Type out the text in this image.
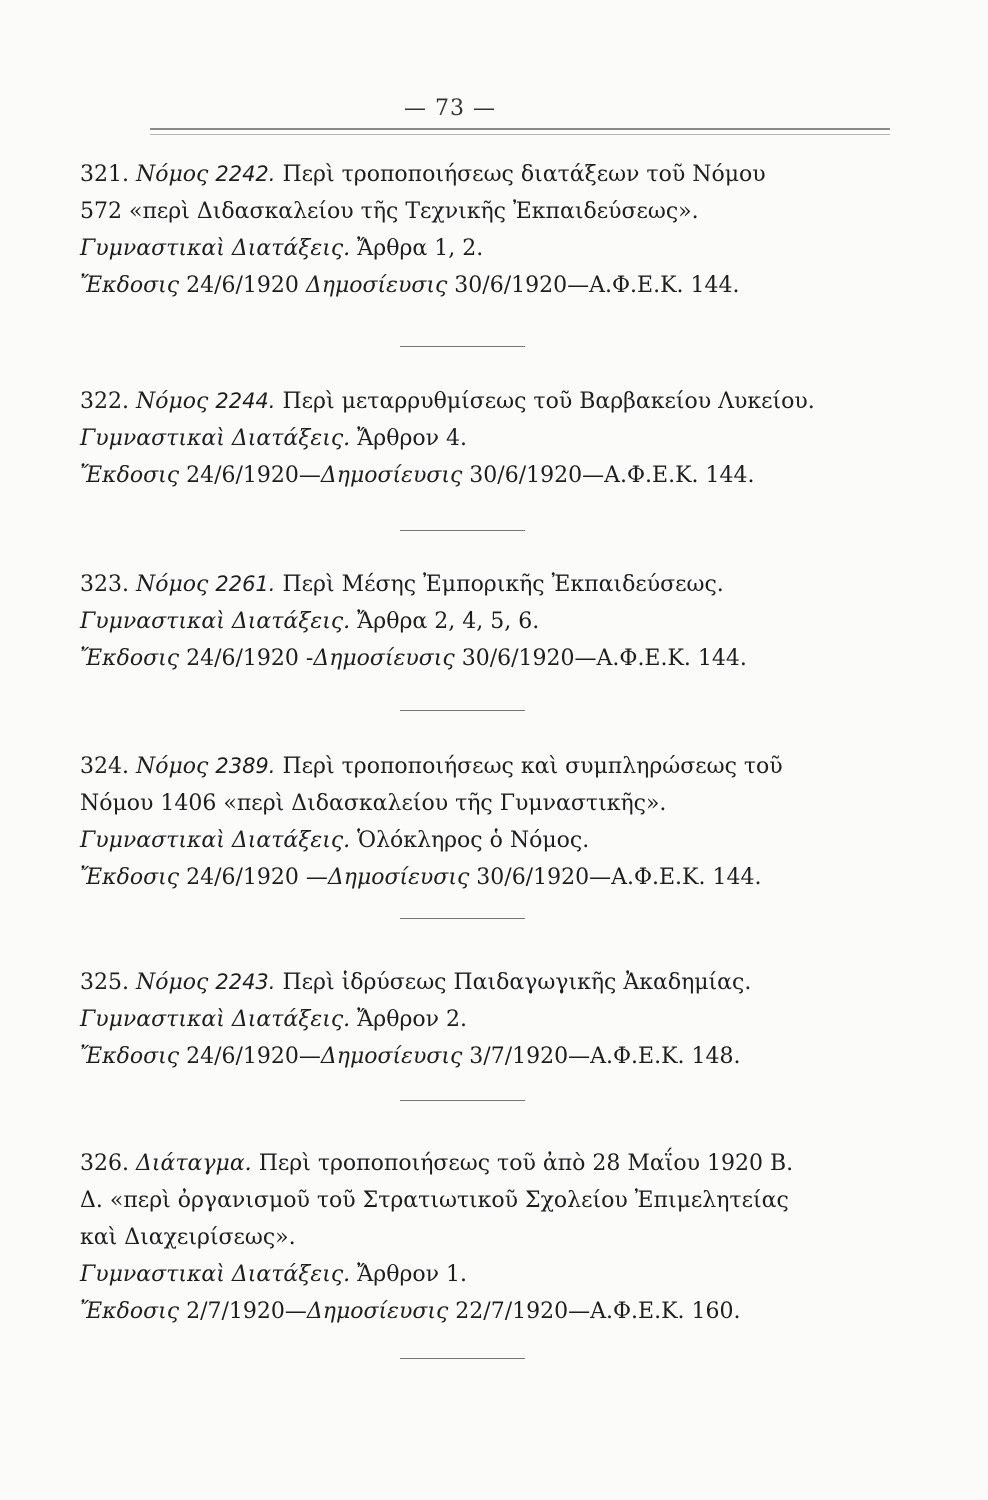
— 73 —
321. Νόμος 2242. Περὶ τροποποιήσεως διατάξεων τοῦ Νόμου
572 «περὶ Διδασκαλείου τῆς Τεχνικῆς Ἐκπαιδεύσεως».
Γυμναστικαὶ Διατάξεις. Ἄρθρα 1, 2.
Ἔκδοσις 24/6/1920 Δημοσίευσις 30/6/1920—Α.Φ.Ε.Κ. 144.
322. Νόμος 2244. Περὶ μεταρρυθμίσεως τοῦ Βαρβακείου Λυκείου.
Γυμναστικαὶ Διατάξεις. Ἄρθρον 4.
Ἔκδοσις 24/6/1920—Δημοσίευσις 30/6/1920—Α.Φ.Ε.Κ. 144.
323. Νόμος 2261. Περὶ Μέσης Ἐμπορικῆς Ἐκπαιδεύσεως.
Γυμναστικαὶ Διατάξεις. Ἄρθρα 2, 4, 5, 6.
Ἔκδοσις 24/6/1920 -Δημοσίευσις 30/6/1920—Α.Φ.Ε.Κ. 144.
324. Νόμος 2389. Περὶ τροποποιήσεως καὶ συμπληρώσεως τοῦ
Νόμου 1406 «περὶ Διδασκαλείου τῆς Γυμναστικῆς».
Γυμναστικαὶ Διατάξεις. Ὁλόκληρος ὁ Νόμος.
Ἔκδοσις 24/6/1920 —Δημοσίευσις 30/6/1920—Α.Φ.Ε.Κ. 144.
325. Νόμος 2243. Περὶ ἱδρύσεως Παιδαγωγικῆς Ἀκαδημίας.
Γυμναστικαὶ Διατάξεις. Ἄρθρον 2.
Ἔκδοσις 24/6/1920—Δημοσίευσις 3/7/1920—Α.Φ.Ε.Κ. 148.
326. Διάταγμα. Περὶ τροποποιήσεως τοῦ ἀπὸ 28 Μαΐου 1920 Β.
Δ. «περὶ ὀργανισμοῦ τοῦ Στρατιωτικοῦ Σχολείου Ἐπιμελητείας
καὶ Διαχειρίσεως».
Γυμναστικαὶ Διατάξεις. Ἄρθρον 1.
Ἔκδοσις 2/7/1920—Δημοσίευσις 22/7/1920—Α.Φ.Ε.Κ. 160.
